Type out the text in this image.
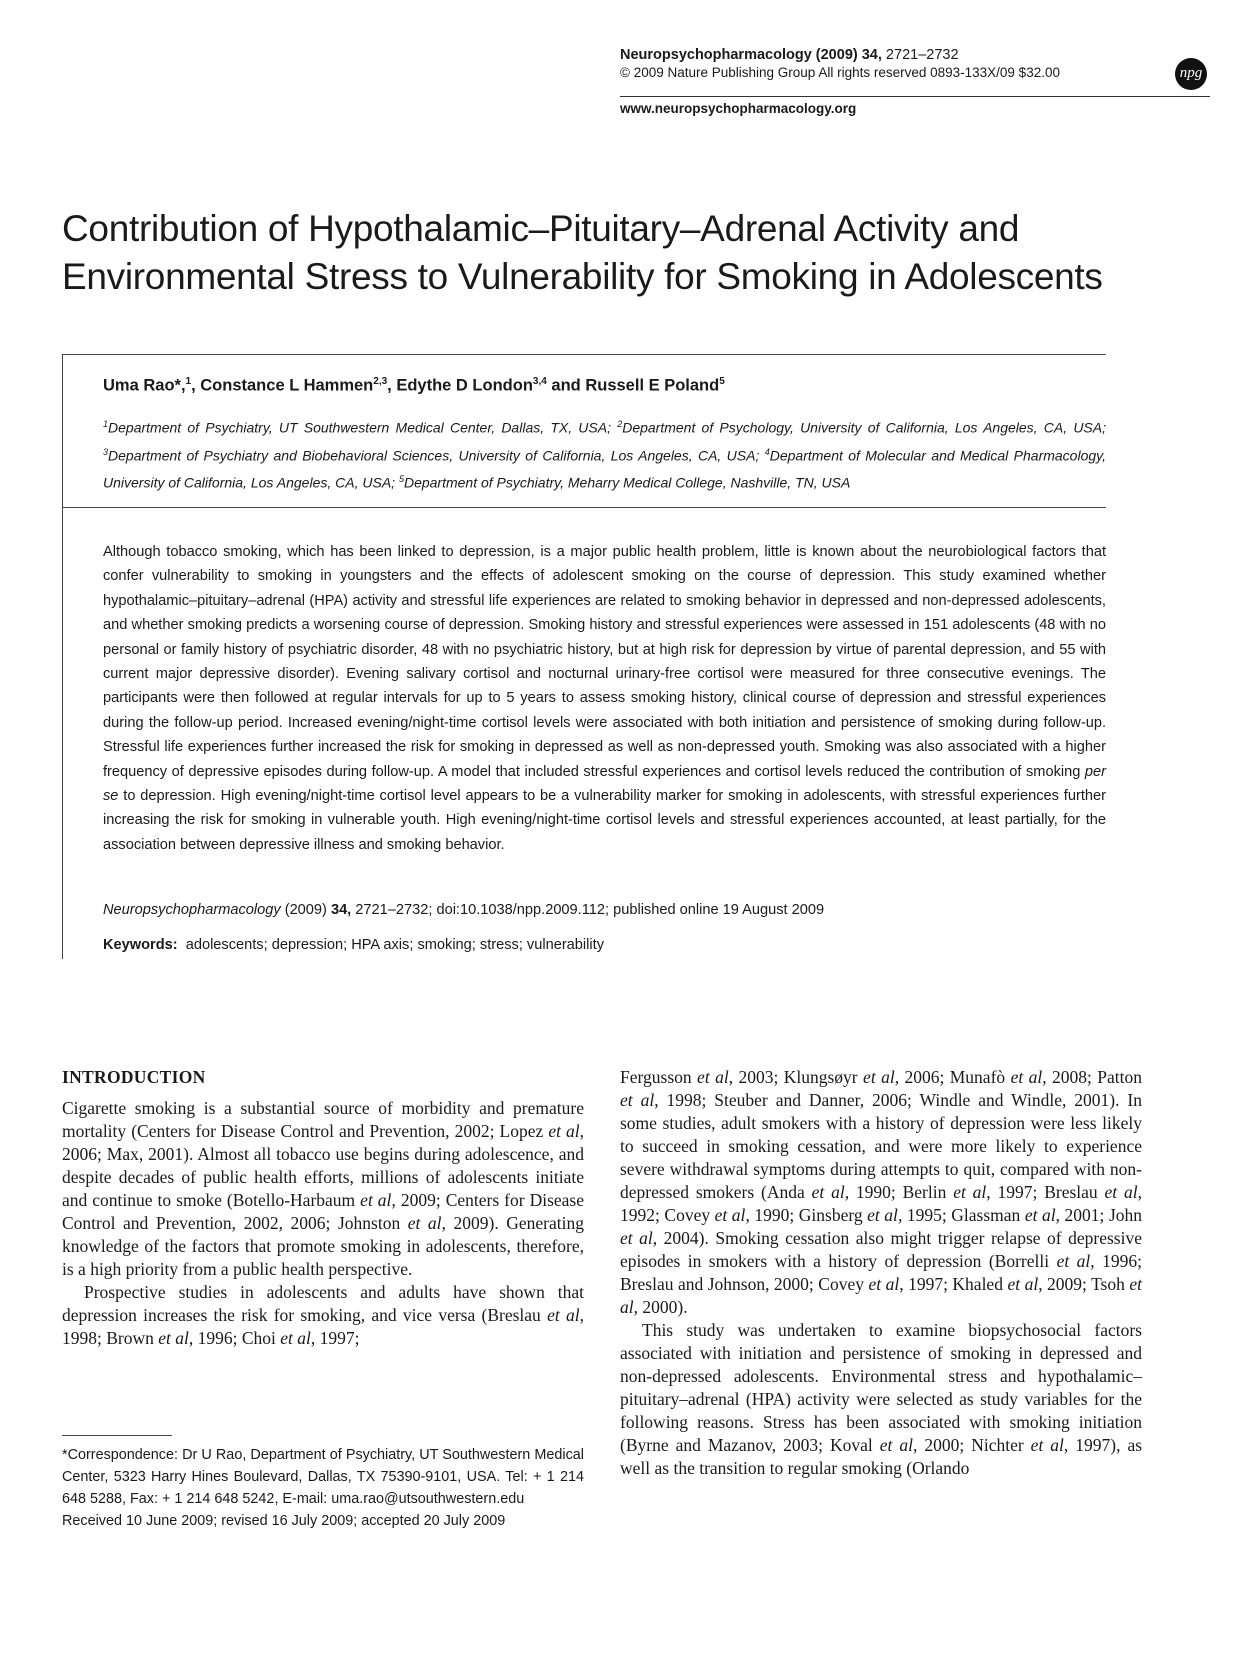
Neuropsychopharmacology (2009) 34, 2721–2732
© 2009 Nature Publishing Group All rights reserved 0893-133X/09 $32.00	npg
www.neuropsychopharmacology.org
Contribution of Hypothalamic–Pituitary–Adrenal Activity and Environmental Stress to Vulnerability for Smoking in Adolescents
Uma Rao*,$^1$, Constance L Hammen$^{2,3}$, Edythe D London$^{3,4}$ and Russell E Poland$^5$
$^1$Department of Psychiatry, UT Southwestern Medical Center, Dallas, TX, USA; $^2$Department of Psychology, University of California, Los Angeles, CA, USA; $^3$Department of Psychiatry and Biobehavioral Sciences, University of California, Los Angeles, CA, USA; $^4$Department of Molecular and Medical Pharmacology, University of California, Los Angeles, CA, USA; $^5$Department of Psychiatry, Meharry Medical College, Nashville, TN, USA
Although tobacco smoking, which has been linked to depression, is a major public health problem, little is known about the neurobiological factors that confer vulnerability to smoking in youngsters and the effects of adolescent smoking on the course of depression. This study examined whether hypothalamic–pituitary–adrenal (HPA) activity and stressful life experiences are related to smoking behavior in depressed and non-depressed adolescents, and whether smoking predicts a worsening course of depression. Smoking history and stressful experiences were assessed in 151 adolescents (48 with no personal or family history of psychiatric disorder, 48 with no psychiatric history, but at high risk for depression by virtue of parental depression, and 55 with current major depressive disorder). Evening salivary cortisol and nocturnal urinary-free cortisol were measured for three consecutive evenings. The participants were then followed at regular intervals for up to 5 years to assess smoking history, clinical course of depression and stressful experiences during the follow-up period. Increased evening/night-time cortisol levels were associated with both initiation and persistence of smoking during follow-up. Stressful life experiences further increased the risk for smoking in depressed as well as non-depressed youth. Smoking was also associated with a higher frequency of depressive episodes during follow-up. A model that included stressful experiences and cortisol levels reduced the contribution of smoking per se to depression. High evening/night-time cortisol level appears to be a vulnerability marker for smoking in adolescents, with stressful experiences further increasing the risk for smoking in vulnerable youth. High evening/night-time cortisol levels and stressful experiences accounted, at least partially, for the association between depressive illness and smoking behavior.
Neuropsychopharmacology (2009) 34, 2721–2732; doi:10.1038/npp.2009.112; published online 19 August 2009
Keywords:  adolescents; depression; HPA axis; smoking; stress; vulnerability
INTRODUCTION

Cigarette smoking is a substantial source of morbidity and premature mortality (Centers for Disease Control and Prevention, 2002; Lopez et al, 2006; Max, 2001). Almost all tobacco use begins during adolescence, and despite decades of public health efforts, millions of adolescents initiate and continue to smoke (Botello-Harbaum et al, 2009; Centers for Disease Control and Prevention, 2002, 2006; Johnston et al, 2009). Generating knowledge of the factors that promote smoking in adolescents, therefore, is a high priority from a public health perspective.

Prospective studies in adolescents and adults have shown that depression increases the risk for smoking, and vice versa (Breslau et al, 1998; Brown et al, 1996; Choi et al, 1997;

Fergusson et al, 2003; Klungsøyr et al, 2006; Munafò et al, 2008; Patton et al, 1998; Steuber and Danner, 2006; Windle and Windle, 2001). In some studies, adult smokers with a history of depression were less likely to succeed in smoking cessation, and were more likely to experience severe withdrawal symptoms during attempts to quit, compared with non-depressed smokers (Anda et al, 1990; Berlin et al, 1997; Breslau et al, 1992; Covey et al, 1990; Ginsberg et al, 1995; Glassman et al, 2001; John et al, 2004). Smoking cessation also might trigger relapse of depressive episodes in smokers with a history of depression (Borrelli et al, 1996; Breslau and Johnson, 2000; Covey et al, 1997; Khaled et al, 2009; Tsoh et al, 2000).

This study was undertaken to examine biopsychosocial factors associated with initiation and persistence of smoking in depressed and non-depressed adolescents. Environmental stress and hypothalamic–pituitary–adrenal (HPA) activity were selected as study variables for the following reasons. Stress has been associated with smoking initiation (Byrne and Mazanov, 2003; Koval et al, 2000; Nichter et al, 1997), as well as the transition to regular smoking (Orlando

*Correspondence: Dr U Rao, Department of Psychiatry, UT Southwestern Medical Center, 5323 Harry Hines Boulevard, Dallas, TX 75390-9101, USA. Tel: + 1 214 648 5288, Fax: + 1 214 648 5242, E-mail: uma.rao@utsouthwestern.edu
Received 10 June 2009; revised 16 July 2009; accepted 20 July 2009
